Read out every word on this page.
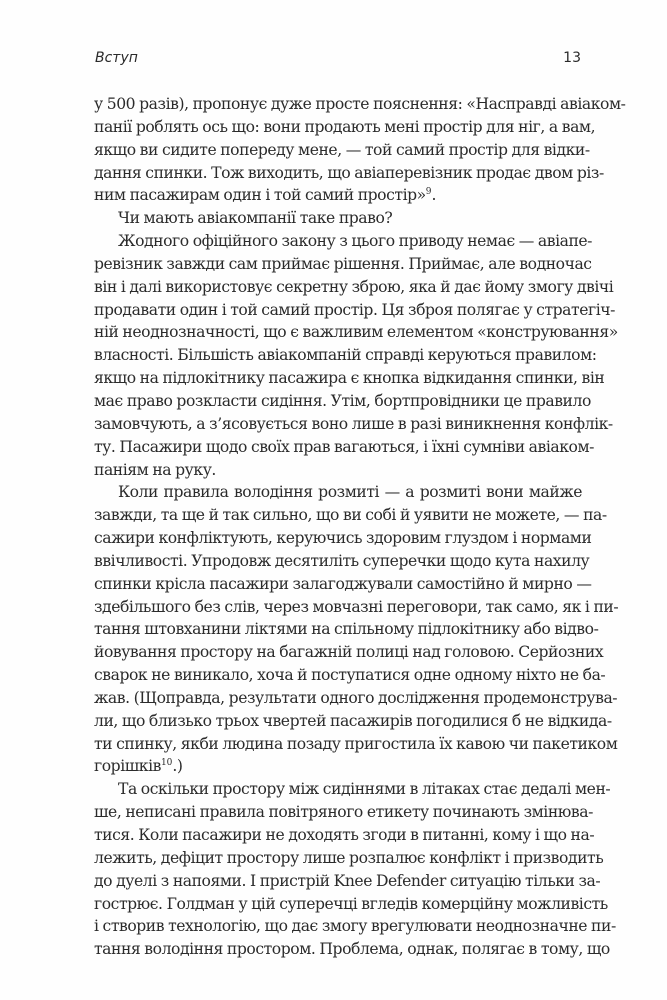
Вступ	13
у 500 разів), пропонує дуже просте пояснення: «Насправді авіаком-
панії роблять ось що: вони продають мені простір для ніг, а вам,
якщо ви сидите попереду мене, — той самий простір для відки-
дання спинки. Тож виходить, що авіаперевізник продає двом різ-
ним пасажирам один і той самий простір»$^9$.
Чи мають авіакомпанії таке право?
Жодного офіційного закону з цього приводу немає — авіапе-
ревізник завжди сам приймає рішення. Приймає, але водночас
він і далі використовує секретну зброю, яка й дає йому змогу двічі
продавати один і той самий простір. Ця зброя полягає у стратегіч-
ній неоднозначності, що є важливим елементом «конструювання»
власності. Більшість авіакомпаній справді керуються правилом:
якщо на підлокітнику пасажира є кнопка відкидання спинки, він
має право розкласти сидіння. Утім, бортпровідники це правило
замовчують, а з’ясовується воно лише в разі виникнення конфлік-
ту. Пасажири щодо своїх прав вагаються, і їхні сумніви авіаком-
паніям на руку.
Коли правила володіння розмиті — а розмиті вони майже
завжди, та ще й так сильно, що ви собі й уявити не можете, — па-
сажири конфліктують, керуючись здоровим глуздом і нормами
ввічливості. Упродовж десятиліть суперечки щодо кута нахилу
спинки крісла пасажири залагоджували самостійно й мирно —
здебільшого без слів, через мовчазні переговори, так само, як і пи-
тання штовханини ліктями на спільному підлокітнику або відво-
йовування простору на багажній полиці над головою. Серйозних
сварок не виникало, хоча й поступатися одне одному ніхто не ба-
жав. (Щоправда, результати одного дослідження продемонструва-
ли, що близько трьох чвертей пасажирів погодилися б не відкида-
ти спинку, якби людина позаду пригостила їх кавою чи пакетиком
горішків$^{10}$.)
Та оскільки простору між сидіннями в літаках стає дедалі мен-
ше, неписані правила повітряного етикету починають змінюва-
тися. Коли пасажири не доходять згоди в питанні, кому і що на-
лежить, дефіцит простору лише розпалює конфлікт і призводить
до дуелі з напоями. І пристрій Knee Defender ситуацію тільки за-
гострює. Голдман у цій суперечці вгледів комерційну можливість
і створив технологію, що дає змогу врегулювати неоднозначне пи-
тання володіння простором. Проблема, однак, полягає в тому, що
